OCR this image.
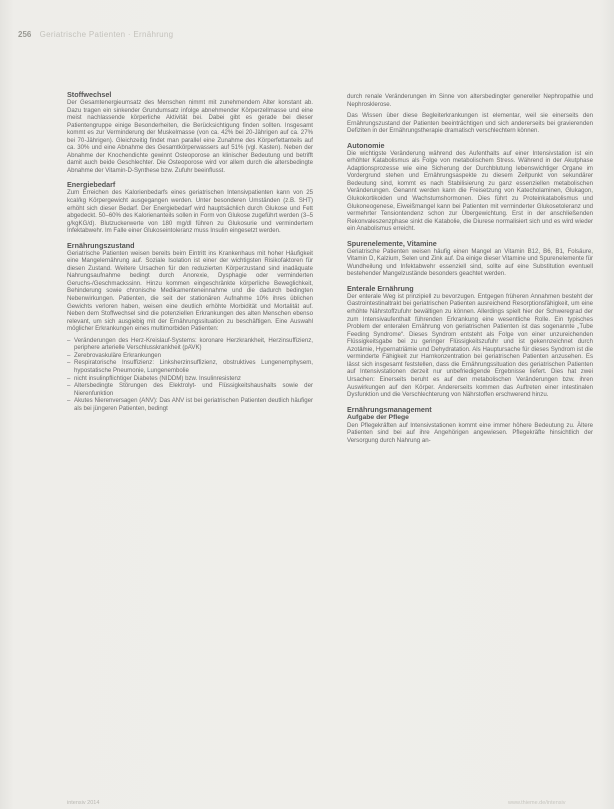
256 Geriatrische Patienten · Ernährung
Stoffwechsel

Der Gesamtenergieumsatz des Menschen nimmt mit zunehmendem Alter konstant ab. Dazu tragen ein sinkender Grundumsatz infolge abnehmender Körperzellmasse und eine meist nachlassende körperliche Aktivität bei. Dabei gibt es gerade bei dieser Patientengruppe einige Besonderheiten, die Berücksichtigung finden sollten. Insgesamt kommt es zur Verminderung der Muskelmasse (von ca. 42% bei 20-Jährigen auf ca. 27% bei 70-Jährigen). Gleichzeitig findet man parallel eine Zunahme des Körperfettanteils auf ca. 30% und eine Abnahme des Gesamtkörperwassers auf 51% (vgl. Kasten). Neben der Abnahme der Knochendichte gewinnt Osteoporose an klinischer Bedeutung und betrifft damit auch beide Geschlechter. Die Osteoporose wird vor allem durch die altersbedingte Abnahme der Vitamin-D-Synthese bzw. Zufuhr beeinflusst.

Energiebedarf

Zum Erreichen des Kalorienbedarfs eines geriatrischen Intensivpatienten kann von 25 kcal/kg Körpergewicht ausgegangen werden. Unter besonderen Umständen (z.B. SHT) erhöht sich dieser Bedarf. Der Energiebedarf wird hauptsächlich durch Glukose und Fett abgedeckt. 50–60% des Kalorienanteils sollen in Form von Glukose zugeführt werden (3–5 g/kgKG/d). Blutzuckerwerte von 180 mg/dl führen zu Glukosurie und vermindertem Infektabwehr. Im Falle einer Glukoseintoleranz muss Insulin eingesetzt werden.

Ernährungszustand

Geriatrische Patienten weisen bereits beim Eintritt ins Krankenhaus mit hoher Häufigkeit eine Mangelernährung auf. Soziale Isolation ist einer der wichtigsten Risikofaktoren für diesen Zustand. Weitere Ursachen für den reduzierten Körperzustand sind inadäquate Nahrungsaufnahme bedingt durch Anorexie, Dysphagie oder verminderten Geruchs-/Geschmackssinn. Hinzu kommen eingeschränkte körperliche Beweglichkeit, Behinderung sowie chronische Medikamenteneinnahme und die dadurch bedingten Nebenwirkungen. Patienten, die seit der stationären Aufnahme 10% ihres üblichen Gewichts verloren haben, weisen eine deutlich erhöhte Morbidität und Mortalität auf. Neben dem Stoffwechsel sind die potenziellen Erkrankungen des alten Menschen ebenso relevant, um sich ausgiebig mit der Ernährungssituation zu beschäftigen. Eine Auswahl möglicher Erkrankungen eines multimorbiden Patienten:

– Veränderungen des Herz-Kreislauf-Systems: koronare Herzkrankheit, Herzinsuffizienz, periphere arterielle Verschlusskrankheit (pAVK)
– Zerebrovaskuläre Erkrankungen
– Respiratorische Insuffizienz: Linksherzinsuffizienz, obstruktives Lungenemphysem, hypostatische Pneumonie, Lungenembolie
– nicht insulinpflichtiger Diabetes (NIDDM) bzw. Insulinresistenz
– Altersbedingte Störungen des Elektrolyt- und Flüssigkeitshaushalts sowie der Nierenfunktion
– Akutes Nierenversagen (ANV): Das ANV ist bei geriatrischen Patienten deutlich häufiger als bei jüngeren Patienten, bedingt

durch renale Veränderungen im Sinne von altersbedingter genereller Nephropathie und Nephrosklerose.

Das Wissen über diese Begleiterkrankungen ist elementar, weil sie einerseits den Ernährungszustand der Patienten beeinträchtigen und sich andererseits bei gravierenden Defiziten in der Ernährungstherapie dramatisch verschlechtern können.

Autonomie

Die wichtigste Veränderung während des Aufenthalts auf einer Intensivstation ist ein erhöhter Katabolismus als Folge von metabolischem Stress. Während in der Akutphase Adaptionsprozesse wie eine Sicherung der Durchblutung lebenswichtiger Organe im Vordergrund stehen und Ernährungsaspekte zu diesem Zeitpunkt von sekundärer Bedeutung sind, kommt es nach Stabilisierung zu ganz essenziellen metabolischen Veränderungen. Genannt werden kann die Freisetzung von Katecholaminen, Glukagon, Glukokortikoiden und Wachstumshormonen. Dies führt zu Proteinkatabolismus und Glukoneogenese, Eiweißmangel kann bei Patienten mit verminderter Glukosetoleranz und vermehrter Tensiontendenz schon zur Übergewichtung. Erst in der anschließenden Rekonvaleszenzphase sinkt die Katabolie, die Diurese normalisiert sich und es wird wieder ein Anabolismus erreicht.

Spurenelemente, Vitamine

Geriatrische Patienten weisen häufig einen Mangel an Vitamin B12, B6, B1, Folsäure, Vitamin D, Kalzium, Selen und Zink auf. Da einige dieser Vitamine und Spurenelemente für Wundheilung und Infektabwehr essenziell sind, sollte auf eine Substitution eventuell bestehender Mangelzustände besonders geachtet werden.

Enterale Ernährung

Der enterale Weg ist prinzipiell zu bevorzugen. Entgegen früheren Annahmen besteht der Gastrointestinaltrakt bei geriatrischen Patienten ausreichend Resorptionsfähigkeit, um eine erhöhte Nährstoffzufuhr bewältigen zu können. Allerdings spielt hier der Schweregrad der zum Intensivaufenthalt führenden Erkrankung eine wesentliche Rolle. Ein typisches Problem der enteralen Ernährung von geriatrischen Patienten ist das sogenannte „Tube Feeding Syndrome“. Dieses Syndrom entsteht als Folge von einer unzureichenden Flüssigkeitsgabe bei zu geringer Flüssigkeitszufuhr und ist gekennzeichnet durch Azotämie, Hypernatriämie und Dehydratation. Als Hauptursache für dieses Syndrom ist die verminderte Fähigkeit zur Harnkonzentration bei geriatrischen Patienten anzusehen. Es lässt sich insgesamt feststellen, dass die Ernährungssituation des geriatrischen Patienten auf Intensivstationen derzeit nur unbefriedigende Ergebnisse liefert. Dies hat zwei Ursachen: Einerseits beruht es auf den metabolischen Veränderungen bzw. ihren Auswirkungen auf den Körper. Andererseits kommen das Auftreten einer intestinalen Dysfunktion und die Verschlechterung von Nährstoffen erschwerend hinzu.

Ernährungsmanagement
Aufgabe der Pflege

Den Pflegekräften auf Intensivstationen kommt eine immer höhere Bedeutung zu. Ältere Patienten sind bei auf ihre Angehörigen angewiesen. Pflegekräfte hinsichtlich der Versorgung durch Nahrung an-

intensiv 2014	www.thieme.de/intensiv
